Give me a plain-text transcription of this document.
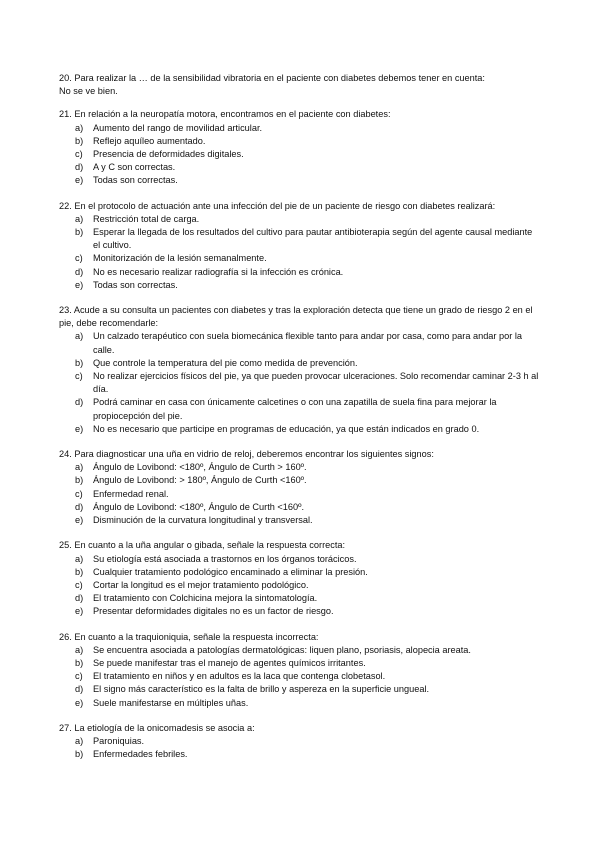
20. Para realizar la … de la sensibilidad vibratoria en el paciente con diabetes debemos tener en cuenta:
No se ve bien.
21. En relación a la neuropatía motora, encontramos en el paciente con diabetes:
a)	Aumento del rango de movilidad articular.
b)	Reflejo aquíleo aumentado.
c)	Presencia de deformidades digitales.
d)	A y C son correctas.
e)	Todas son correctas.
22. En el protocolo de actuación ante una infección del pie de un paciente de riesgo con diabetes realizará:
a)	Restricción total de carga.
b)	Esperar la llegada de los resultados del cultivo para pautar antibioterapia según del agente causal mediante el cultivo.
c)	Monitorización de la lesión semanalmente.
d)	No es necesario realizar radiografía si la infección es crónica.
e)	Todas son correctas.
23. Acude a su consulta un pacientes con diabetes y tras la exploración detecta que tiene un grado de riesgo 2 en el pie, debe recomendarle:
a)	Un calzado terapéutico con suela biomecánica flexible tanto para andar por casa, como para andar por la calle.
b)	Que controle la temperatura del pie como medida de prevención.
c)	No realizar ejercicios físicos del pie, ya que pueden provocar ulceraciones. Solo recomendar caminar 2-3 h al día.
d)	Podrá caminar en casa con únicamente calcetines o con una zapatilla de suela fina para mejorar la propiocepción del pie.
e)	No es necesario que participe en programas de educación, ya que están indicados en grado 0.
24. Para diagnosticar una uña en vidrio de reloj, deberemos encontrar los siguientes signos:
a)	Ángulo de Lovibond: <180º, Ángulo de Curth > 160º.
b)	Ángulo de Lovibond: > 180º, Ángulo de Curth <160º.
c)	Enfermedad renal.
d)	Ángulo de Lovibond: <180º, Ángulo de Curth <160º.
e)	Disminución de la curvatura longitudinal y transversal.
25. En cuanto a la uña angular o gibada, señale la respuesta correcta:
a)	Su etiología está asociada a trastornos en los órganos torácicos.
b)	Cualquier tratamiento podológico encaminado a eliminar la presión.
c)	Cortar la longitud es el mejor tratamiento podológico.
d)	El tratamiento con Colchicina mejora la sintomatología.
e)	Presentar deformidades digitales no es un factor de riesgo.
26. En cuanto a la traquioniquia, señale la respuesta incorrecta:
a)	Se encuentra asociada a patologías dermatológicas: liquen plano, psoriasis, alopecia areata.
b)	Se puede manifestar tras el manejo de agentes químicos irritantes.
c)	El tratamiento en niños y en adultos es la laca que contenga clobetasol.
d)	El signo más característico es la falta de brillo y aspereza en la superficie ungueal.
e)	Suele manifestarse en múltiples uñas.
27. La etiología de la onicomadesis se asocia a:
a)	Paroniquias.
b)	Enfermedades febriles.
